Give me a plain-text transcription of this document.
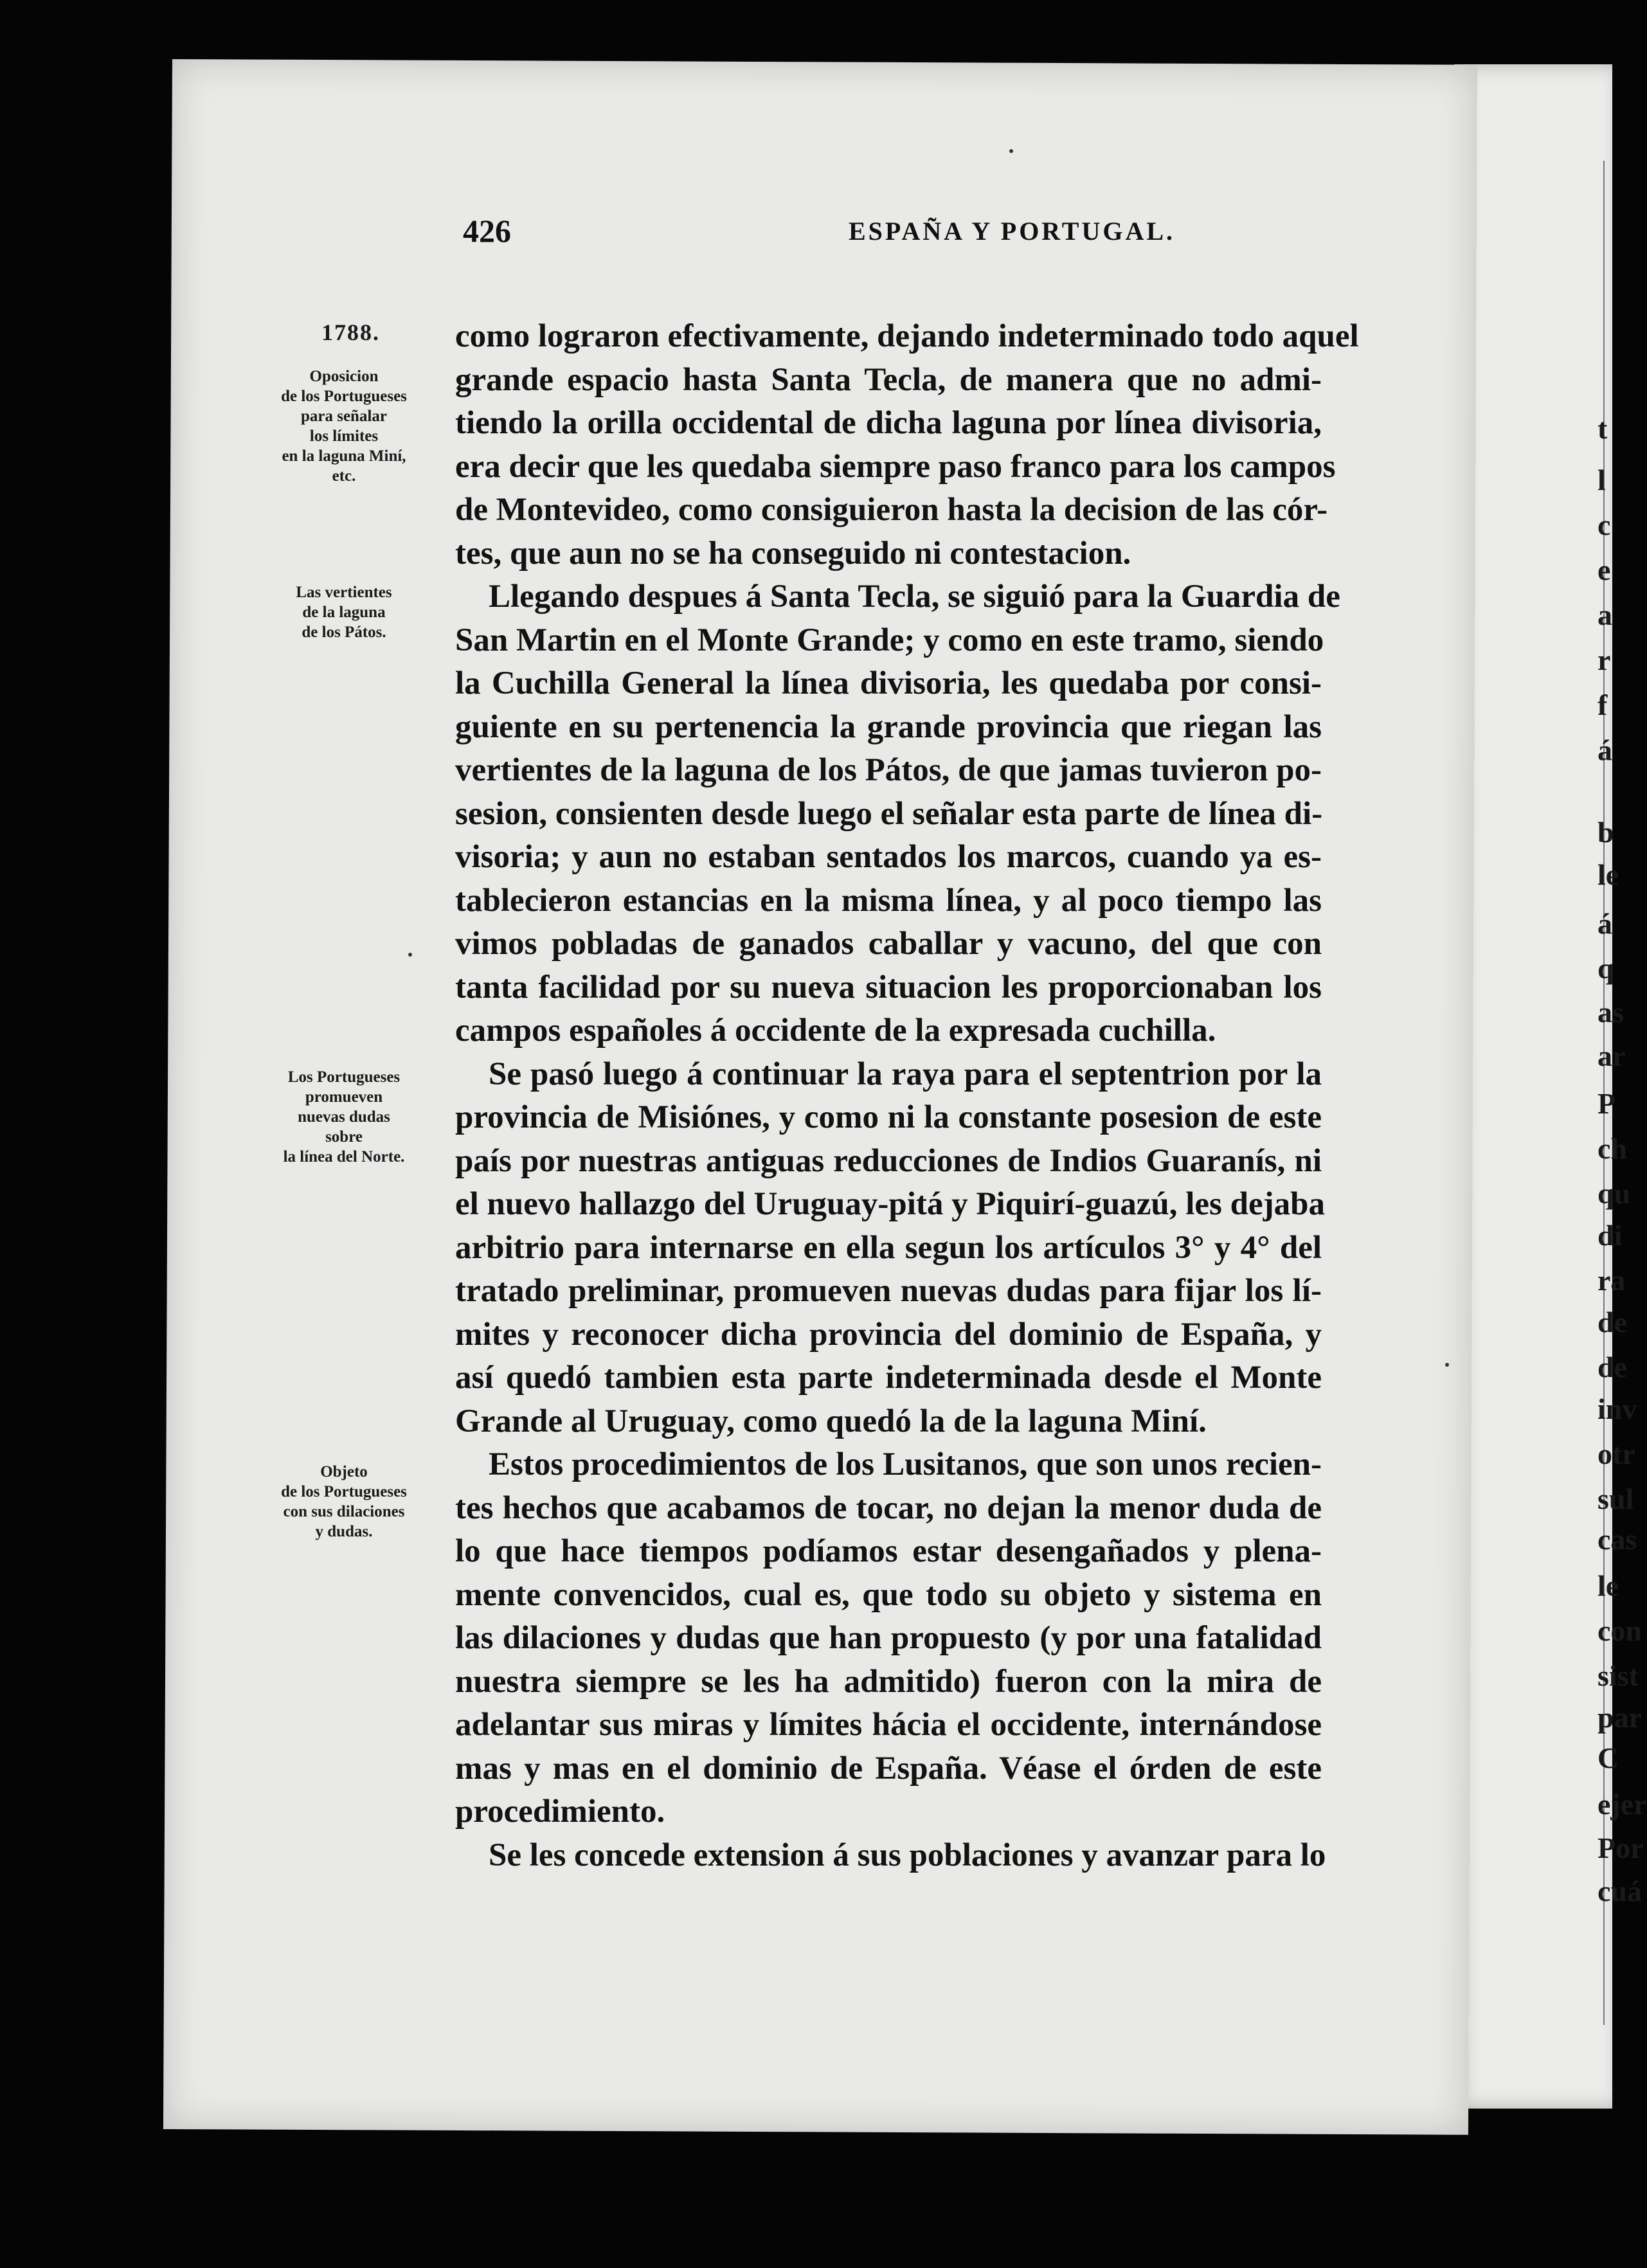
426	ESPAÑA Y PORTUGAL.
1788.
Oposicion
de los Portugueses
para señalar
los límites
en la laguna Miní,
etc.
Las vertientes
de la laguna
de los Pátos.
Los Portugueses
promueven
nuevas dudas
sobre
la línea del Norte.
Objeto
de los Portugueses
con sus dilaciones
y dudas.
como lograron efectivamente, dejando indeterminado todo aquel
grande espacio hasta Santa Tecla, de manera que no admi-
tiendo la orilla occidental de dicha laguna por línea divisoria,
era decir que les quedaba siempre paso franco para los campos
de Montevideo, como consiguieron hasta la decision de las cór-
tes, que aun no se ha conseguido ni contestacion.
Llegando despues á Santa Tecla, se siguió para la Guardia de
San Martin en el Monte Grande; y como en este tramo, siendo
la Cuchilla General la línea divisoria, les quedaba por consi-
guiente en su pertenencia la grande provincia que riegan las
vertientes de la laguna de los Pátos, de que jamas tuvieron po-
sesion, consienten desde luego el señalar esta parte de línea di-
visoria; y aun no estaban sentados los marcos, cuando ya es-
tablecieron estancias en la misma línea, y al poco tiempo las
vimos pobladas de ganados caballar y vacuno, del que con
tanta facilidad por su nueva situacion les proporcionaban los
campos españoles á occidente de la expresada cuchilla.
Se pasó luego á continuar la raya para el septentrion por la
provincia de Misiónes, y como ni la constante posesion de este
país por nuestras antiguas reducciones de Indios Guaranís, ni
el nuevo hallazgo del Uruguay-pitá y Piquirí-guazú, les dejaba
arbitrio para internarse en ella segun los artículos 3° y 4° del
tratado preliminar, promueven nuevas dudas para fijar los lí-
mites y reconocer dicha provincia del dominio de España, y
así quedó tambien esta parte indeterminada desde el Monte
Grande al Uruguay, como quedó la de la laguna Miní.
Estos procedimientos de los Lusitanos, que son unos recien-
tes hechos que acabamos de tocar, no dejan la menor duda de
lo que hace tiempos podíamos estar desengañados y plena-
mente convencidos, cual es, que todo su objeto y sistema en
las dilaciones y dudas que han propuesto (y por una fatalidad
nuestra siempre se les ha admitido) fueron con la mira de
adelantar sus miras y límites hácia el occidente, internándose
mas y mas en el dominio de España. Véase el órden de este
procedimiento.
Se les concede extension á sus poblaciones y avanzar para lo
t
l
c
e
a
r
f
á
b
le
á
q
as
ar
P
ch
qu
di
ra
de
de
inv
otr
sul
cas
le
con
sist
par
C
ejer
Por
cuá
